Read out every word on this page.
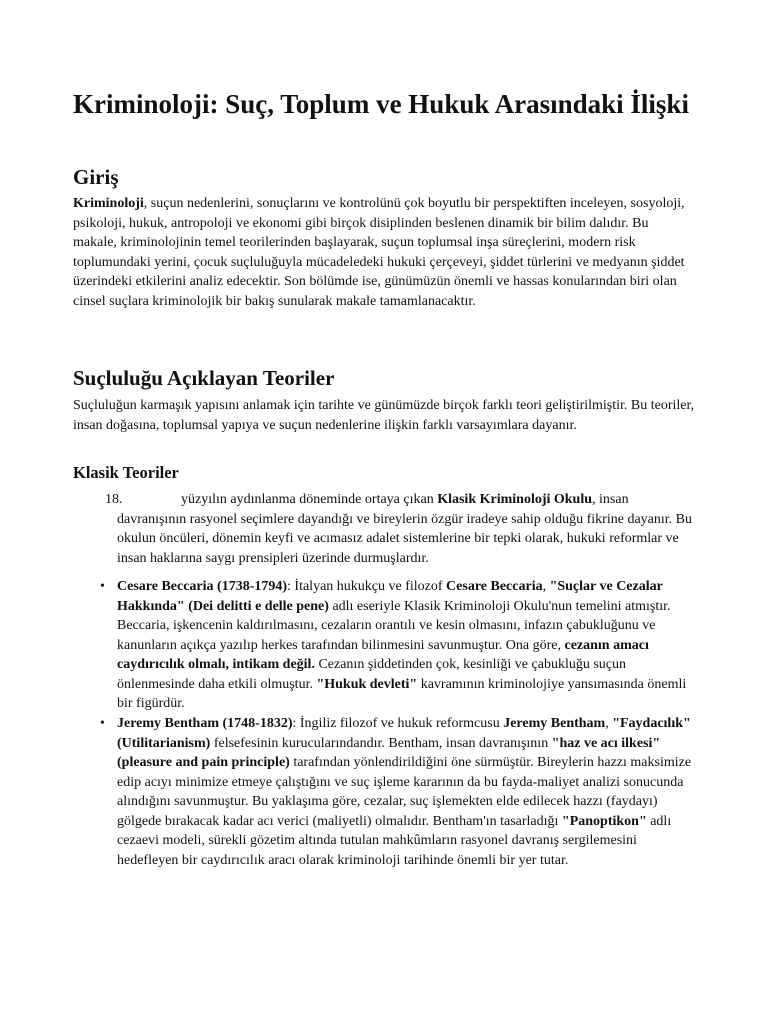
Kriminoloji: Suç, Toplum ve Hukuk Arasındaki İlişki
Giriş

Kriminoloji, suçun nedenlerini, sonuçlarını ve kontrolünü çok boyutlu bir perspektiften inceleyen, sosyoloji, psikoloji, hukuk, antropoloji ve ekonomi gibi birçok disiplinden beslenen dinamik bir bilim dalıdır. Bu makale, kriminolojinin temel teorilerinden başlayarak, suçun toplumsal inşa süreçlerini, modern risk toplumundaki yerini, çocuk suçluluğuyla mücadeledeki hukuki çerçeveyi, şiddet türlerini ve medyanın şiddet üzerindeki etkilerini analiz edecektir. Son bölümde ise, günümüzün önemli ve hassas konularından biri olan cinsel suçlara kriminolojik bir bakış sunularak makale tamamlanacaktır.

Suçluluğu Açıklayan Teoriler

Suçluluğun karmaşık yapısını anlamak için tarihte ve günümüzde birçok farklı teori geliştirilmiştir. Bu teoriler, insan doğasına, toplumsal yapıya ve suçun nedenlerine ilişkin farklı varsayımlara dayanır.

Klasik Teoriler
18.	yüzyılın aydınlanma döneminde ortaya çıkan Klasik Kriminoloji Okulu, insan davranışının rasyonel seçimlere dayandığı ve bireylerin özgür iradeye sahip olduğu fikrine dayanır. Bu okulun öncüleri, dönemin keyfi ve acımasız adalet sistemlerine bir tepki olarak, hukuki reformlar ve insan haklarına saygı prensipleri üzerinde durmuşlardır.
• Cesare Beccaria (1738-1794): İtalyan hukukçu ve filozof Cesare Beccaria, "Suçlar ve Cezalar Hakkında" (Dei delitti e delle pene) adlı eseriyle Klasik Kriminoloji Okulu'nun temelini atmıştır. Beccaria, işkencenin kaldırılmasını, cezaların orantılı ve kesin olmasını, infazın çabukluğunu ve kanunların açıkça yazılıp herkes tarafından bilinmesini savunmuştur. Ona göre, cezanın amacı caydırıcılık olmalı, intikam değil. Cezanın şiddetinden çok, kesinliği ve çabukluğu suçun önlenmesinde daha etkili olmuştur. "Hukuk devleti" kavramının kriminolojiye yansımasında önemli bir figürdür.
• Jeremy Bentham (1748-1832): İngiliz filozof ve hukuk reformcusu Jeremy Bentham, "Faydacılık" (Utilitarianism) felsefesinin kurucularındandır. Bentham, insan davranışının "haz ve acı ilkesi" (pleasure and pain principle) tarafından yönlendirildiğini öne sürmüştür. Bireylerin hazzı maksimize edip acıyı minimize etmeye çalıştığını ve suç işleme kararının da bu fayda-maliyet analizi sonucunda alındığını savunmuştur. Bu yaklaşıma göre, cezalar, suç işlemekten elde edilecek hazzı (faydayı) gölgede bırakacak kadar acı verici (maliyetli) olmalıdır. Bentham'ın tasarladığı "Panoptikon" adlı cezaevi modeli, sürekli gözetim altında tutulan mahkûmların rasyonel davranış sergilemesini hedefleyen bir caydırıcılık aracı olarak kriminoloji tarihinde önemli bir yer tutar.
